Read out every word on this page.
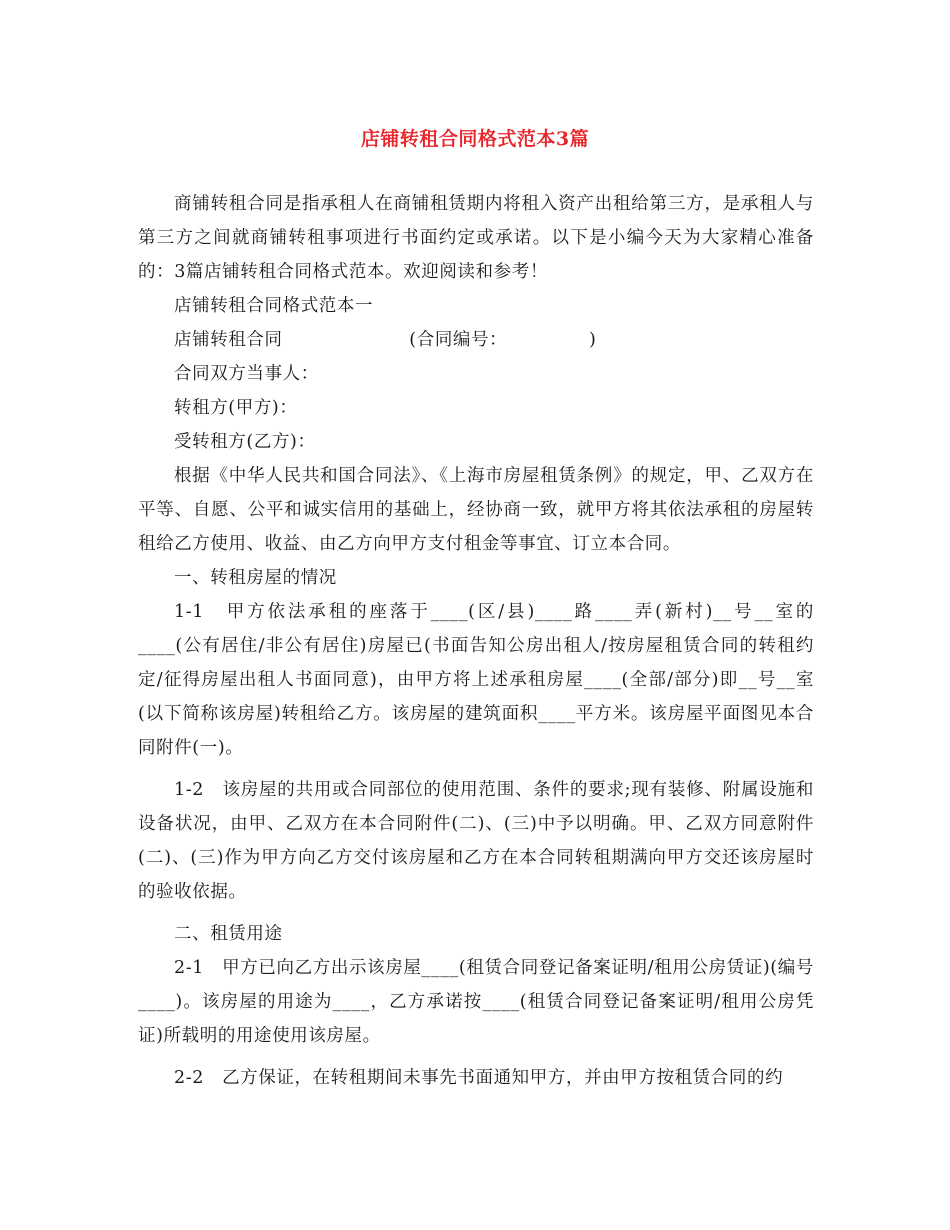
店铺转租合同格式范本3篇

商铺转租合同是指承租人在商铺租赁期内将租入资产出租给第三方，是承租人与第三方之间就商铺转租事项进行书面约定或承诺。以下是小编今天为大家精心准备的：3篇店铺转租合同格式范本。欢迎阅读和参考！

店铺转租合同格式范本一

店铺转租合同　　　　　　　(合同编号：　　　　　)

合同双方当事人：

转租方(甲方)：

受转租方(乙方)：

根据《中华人民共和国合同法》、《上海市房屋租赁条例》的规定，甲、乙双方在平等、自愿、公平和诚实信用的基础上，经协商一致，就甲方将其依法承租的房屋转租给乙方使用、收益、由乙方向甲方支付租金等事宜、订立本合同。

一、转租房屋的情况

1-1　甲方依法承租的座落于____(区/县)____路____弄(新村)__号__室的____(公有居住/非公有居住)房屋已(书面告知公房出租人/按房屋租赁合同的转租约定/征得房屋出租人书面同意)，由甲方将上述承租房屋____(全部/部分)即__号__室(以下简称该房屋)转租给乙方。该房屋的建筑面积____平方米。该房屋平面图见本合同附件(一)。

1-2　该房屋的共用或合同部位的使用范围、条件的要求;现有装修、附属设施和设备状况，由甲、乙双方在本合同附件(二)、(三)中予以明确。甲、乙双方同意附件(二)、(三)作为甲方向乙方交付该房屋和乙方在本合同转租期满向甲方交还该房屋时的验收依据。

二、租赁用途

2-1　甲方已向乙方出示该房屋____(租赁合同登记备案证明/租用公房赁证)(编号____)。该房屋的用途为____，乙方承诺按____(租赁合同登记备案证明/租用公房凭证)所载明的用途使用该房屋。

2-2　乙方保证，在转租期间未事先书面通知甲方，并由甲方按租赁合同的约
